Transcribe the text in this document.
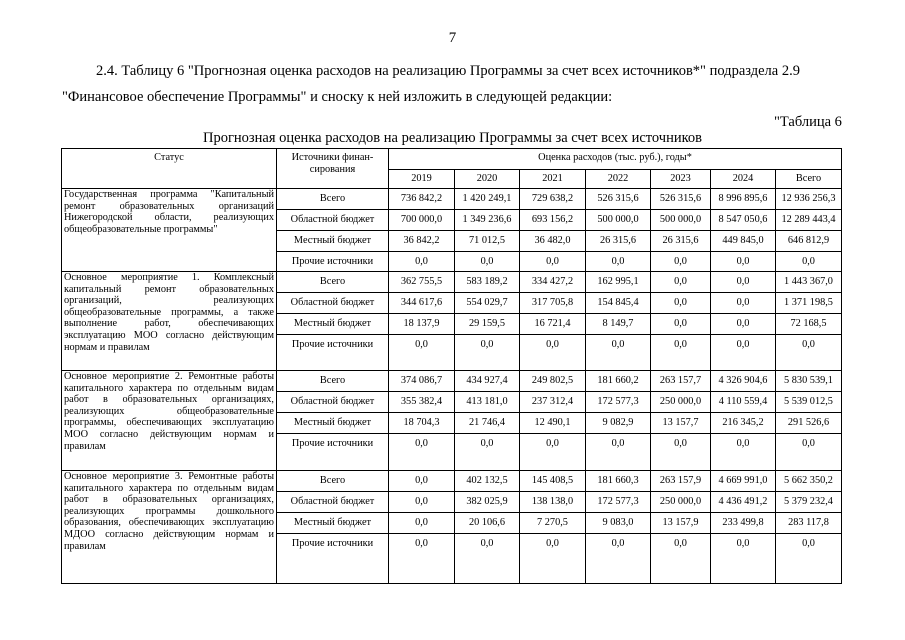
7
2.4. Таблицу 6 "Прогнозная оценка расходов на реализацию Программы за счет всех источников*" подраздела 2.9
"Финансовое обеспечение Программы" и сноску к ней изложить в следующей редакции:
"Таблица 6
Прогнозная оценка расходов на реализацию Программы за счет всех источников
Статус	Источники финан-сирования	Оценка расходов (тыс. руб.), годы*						
		2019	2020	2021	2022	2023	2024	Всего
Государственная программа "Капитальный ремонт образовательных организаций Нижегородской области, реализующих общеобразовательные программы"	Всего	736 842,2	1 420 249,1	729 638,2	526 315,6	526 315,6	8 996 895,6	12 936 256,3
	Областной бюджет	700 000,0	1 349 236,6	693 156,2	500 000,0	500 000,0	8 547 050,6	12 289 443,4
	Местный бюджет	36 842,2	71 012,5	36 482,0	26 315,6	26 315,6	449 845,0	646 812,9
	Прочие источники	0,0	0,0	0,0	0,0	0,0	0,0	0,0
Основное мероприятие 1. Комплексный капитальный ремонт образовательных организаций, реализующих общеобразовательные программы, а также выполнение работ, обеспечивающих эксплуатацию МОО согласно действующим нормам и правилам	Всего	362 755,5	583 189,2	334 427,2	162 995,1	0,0	0,0	1 443 367,0
	Областной бюджет	344 617,6	554 029,7	317 705,8	154 845,4	0,0	0,0	1 371 198,5
	Местный бюджет	18 137,9	29 159,5	16 721,4	8 149,7	0,0	0,0	72 168,5
	Прочие источники	0,0	0,0	0,0	0,0	0,0	0,0	0,0
Основное мероприятие 2. Ремонтные работы капитального характера по отдельным видам работ в образовательных организациях, реализующих общеобразовательные программы, обеспечивающих эксплуатацию МОО согласно действующим нормам и правилам	Всего	374 086,7	434 927,4	249 802,5	181 660,2	263 157,7	4 326 904,6	5 830 539,1
	Областной бюджет	355 382,4	413 181,0	237 312,4	172 577,3	250 000,0	4 110 559,4	5 539 012,5
	Местный бюджет	18 704,3	21 746,4	12 490,1	9 082,9	13 157,7	216 345,2	291 526,6
	Прочие источники	0,0	0,0	0,0	0,0	0,0	0,0	0,0
Основное мероприятие 3. Ремонтные работы капитального характера по отдельным видам работ в образовательных организациях, реализующих программы дошкольного образования, обеспечивающих эксплуатацию МДОО согласно действующим нормам и правилам	Всего	0,0	402 132,5	145 408,5	181 660,3	263 157,9	4 669 991,0	5 662 350,2
	Областной бюджет	0,0	382 025,9	138 138,0	172 577,3	250 000,0	4 436 491,2	5 379 232,4
	Местный бюджет	0,0	20 106,6	7 270,5	9 083,0	13 157,9	233 499,8	283 117,8
	Прочие источники	0,0	0,0	0,0	0,0	0,0	0,0	0,0
